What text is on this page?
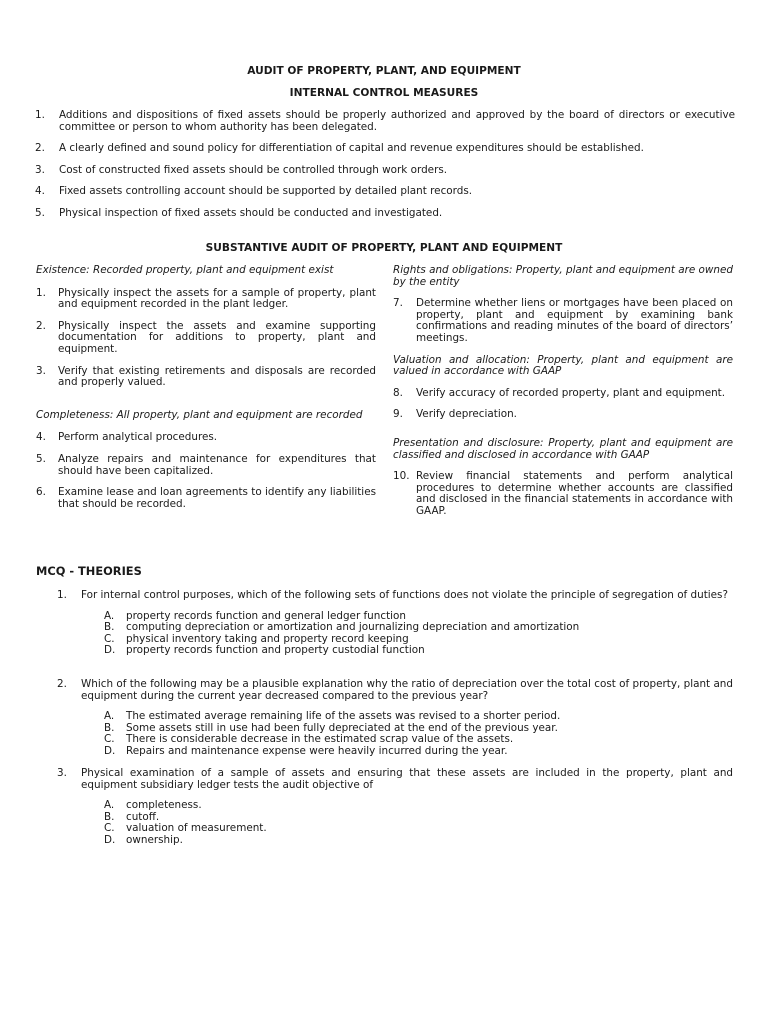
AUDIT OF PROPERTY, PLANT, AND EQUIPMENT
INTERNAL CONTROL MEASURES
1. Additions and dispositions of fixed assets should be properly authorized and approved by the board of directors or executive committee or person to whom authority has been delegated.
2. A clearly defined and sound policy for differentiation of capital and revenue expenditures should be established.
3. Cost of constructed fixed assets should be controlled through work orders.
4. Fixed assets controlling account should be supported by detailed plant records.
5. Physical inspection of fixed assets should be conducted and investigated.
SUBSTANTIVE AUDIT OF PROPERTY, PLANT AND EQUIPMENT
Existence: Recorded property, plant and equipment exist
1. Physically inspect the assets for a sample of property, plant and equipment recorded in the plant ledger.
2. Physically inspect the assets and examine supporting documentation for additions to property, plant and equipment.
3. Verify that existing retirements and disposals are recorded and properly valued.
Completeness: All property, plant and equipment are recorded
4. Perform analytical procedures.
5. Analyze repairs and maintenance for expenditures that should have been capitalized.
6. Examine lease and loan agreements to identify any liabilities that should be recorded.
Rights and obligations: Property, plant and equipment are owned by the entity
7. Determine whether liens or mortgages have been placed on property, plant and equipment by examining bank confirmations and reading minutes of the board of directors’ meetings.
Valuation and allocation: Property, plant and equipment are valued in accordance with GAAP
8. Verify accuracy of recorded property, plant and equipment.
9. Verify depreciation.
Presentation and disclosure: Property, plant and equipment are classified and disclosed in accordance with GAAP
10. Review financial statements and perform analytical procedures to determine whether accounts are classified and disclosed in the financial statements in accordance with GAAP.
MCQ - THEORIES
1. For internal control purposes, which of the following sets of functions does not violate the principle of segregation of duties?
A. property records function and general ledger function
B. computing depreciation or amortization and journalizing depreciation and amortization
C. physical inventory taking and property record keeping
D. property records function and property custodial function
2. Which of the following may be a plausible explanation why the ratio of depreciation over the total cost of property, plant and equipment during the current year decreased compared to the previous year?
A. The estimated average remaining life of the assets was revised to a shorter period.
B. Some assets still in use had been fully depreciated at the end of the previous year.
C. There is considerable decrease in the estimated scrap value of the assets.
D. Repairs and maintenance expense were heavily incurred during the year.
3. Physical examination of a sample of assets and ensuring that these assets are included in the property, plant and equipment subsidiary ledger tests the audit objective of
A. completeness.
B. cutoff.
C. valuation of measurement.
D. ownership.
